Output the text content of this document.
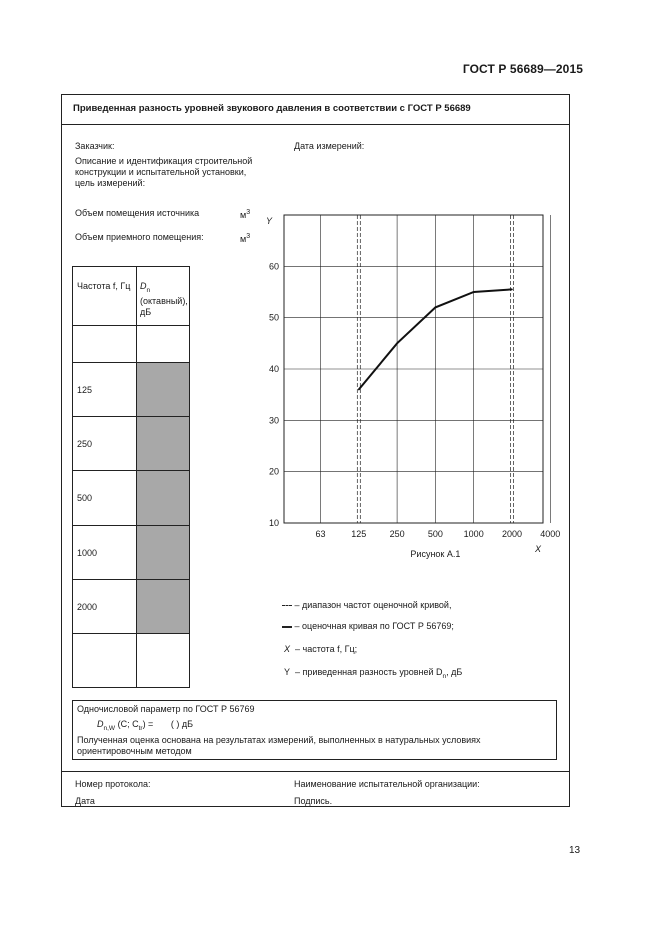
ГОСТ Р 56689—2015
Приведенная разность уровней звукового давления в соответствии с ГОСТ Р 56689
Заказчик:	Дата измерений:
Описание и идентификация строительной конструкции и испытательной установки, цель измерений:
Объем помещения источника	$м^3$
Объем приемного помещения:	$м^3$
Частота f, Гц	$D_n$
(октавный), дБ

125	

250	

500	

1000	

2000	

10
20
30
40
50
60
63	125	250	500 1000 2000 4000
Y
X
Рисунок А.1
– диапазон частот оценочной кривой,
– оценочная кривая по ГОСТ Р 56769;
X – частота f, Гц;
Y – приведенная разность уровней $D_n$, дБ
Одночисловой параметр по ГОСТ Р 56769
$D_{n,W}$ (C; $C_{tr}$) = ( ) дБ
Полученная оценка основана на результатах измерений, выполненных в натуральных условиях ориентировочным методом
Номер протокола:	Наименование испытательной организации:
Дата	Подпись.
13
